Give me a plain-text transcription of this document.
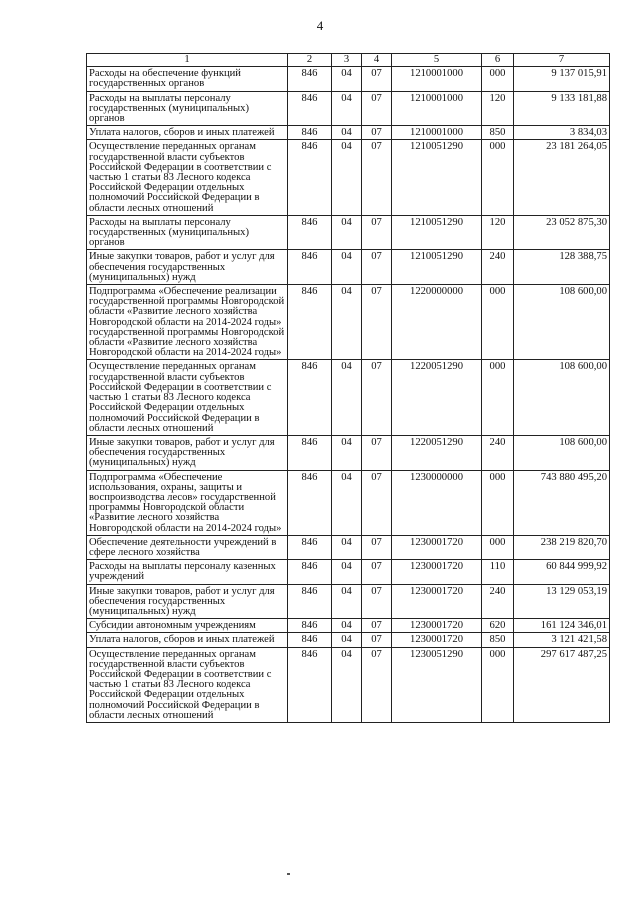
4
1	2	3	4	5	6	7
Расходы на обеспечение функций государственных органов	846	04	07	1210001000	000	9 137 015,91
Расходы на выплаты персоналу государственных (муниципальных) органов	846	04	07	1210001000	120	9 133 181,88
Уплата налогов, сборов и иных платежей	846	04	07	1210001000	850	3 834,03
Осуществление переданных органам государственной власти субъектов Российской Федерации в соответствии с частью 1 статьи 83 Лесного кодекса Российской Федерации отдельных полномочий Российской Федерации в области лесных отношений	846	04	07	1210051290	000	23 181 264,05
Расходы на выплаты персоналу государственных (муниципальных) органов	846	04	07	1210051290	120	23 052 875,30
Иные закупки товаров, работ и услуг для обеспечения государственных (муниципальных) нужд	846	04	07	1210051290	240	128 388,75
Подпрограмма «Обеспечение реализации государственной программы Новгородской области «Развитие лесного хозяйства Новгородской области на 2014-2024 годы» государственной программы Новгородской области «Развитие лесного хозяйства Новгородской области на 2014-2024 годы»	846	04	07	1220000000	000	108 600,00
Осуществление переданных органам государственной власти субъектов Российской Федерации в соответствии с частью 1 статьи 83 Лесного кодекса Российской Федерации отдельных полномочий Российской Федерации в области лесных отношений	846	04	07	1220051290	000	108 600,00
Иные закупки товаров, работ и услуг для обеспечения государственных (муниципальных) нужд	846	04	07	1220051290	240	108 600,00
Подпрограмма «Обеспечение использования, охраны, защиты и воспроизводства лесов» государственной программы Новгородской области «Развитие лесного хозяйства Новгородской области на 2014-2024 годы»	846	04	07	1230000000	000	743 880 495,20
Обеспечение деятельности учреждений в сфере лесного хозяйства	846	04	07	1230001720	000	238 219 820,70
Расходы на выплаты персоналу казенных учреждений	846	04	07	1230001720	110	60 844 999,92
Иные закупки товаров, работ и услуг для обеспечения государственных (муниципальных) нужд	846	04	07	1230001720	240	13 129 053,19
Субсидии автономным учреждениям	846	04	07	1230001720	620	161 124 346,01
Уплата налогов, сборов и иных платежей	846	04	07	1230001720	850	3 121 421,58
Осуществление переданных органам государственной власти субъектов Российской Федерации в соответствии с частью 1 статьи 83 Лесного кодекса Российской Федерации отдельных полномочий Российской Федерации в области лесных отношений	846	04	07	1230051290	000	297 617 487,25
